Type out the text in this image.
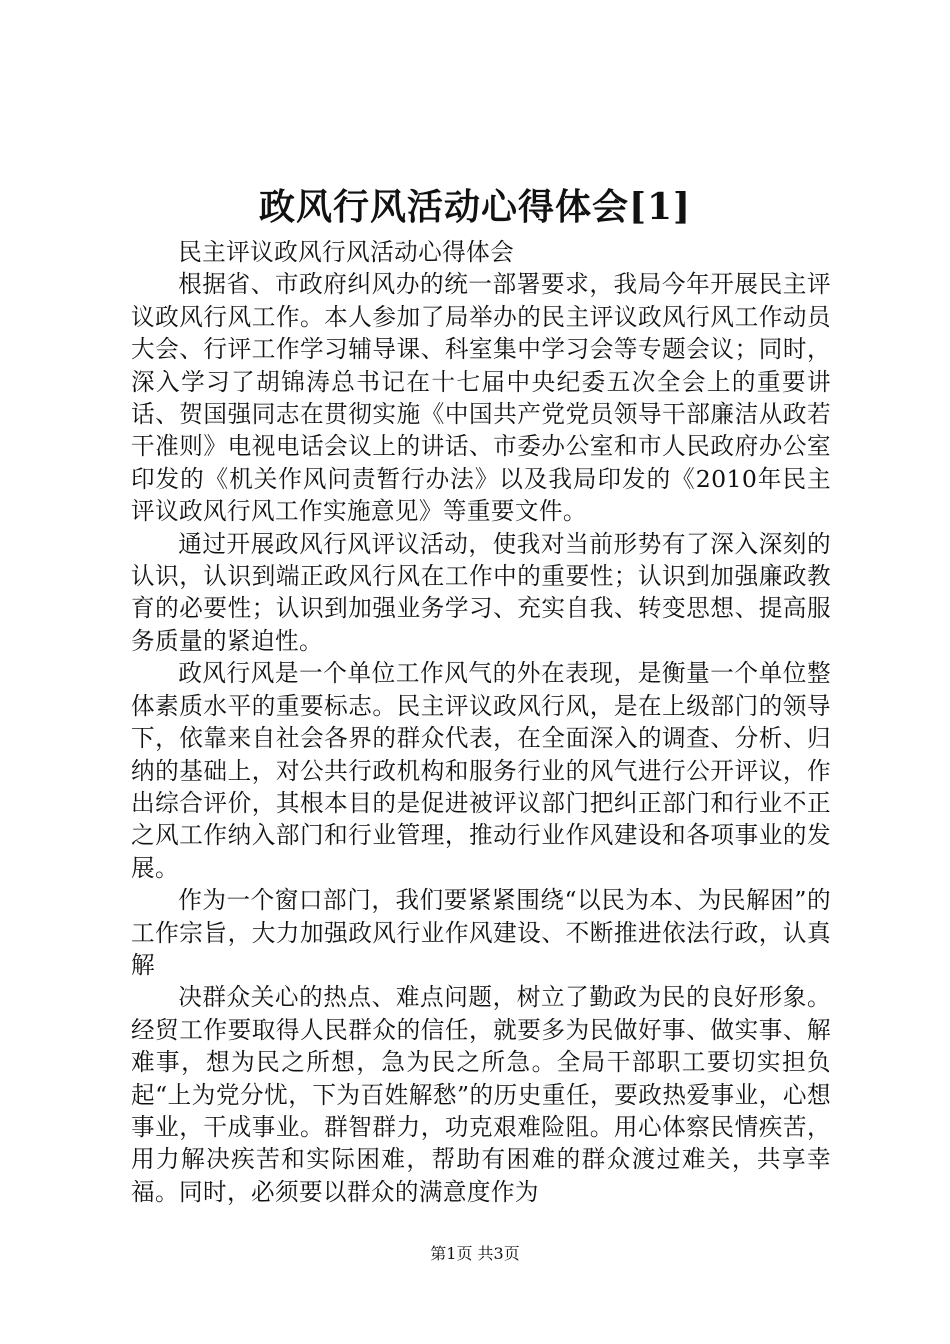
政风行风活动心得体会[1]

民主评议政风行风活动心得体会

根据省、市政府纠风办的统一部署要求，我局今年开展民主评议政风行风工作。本人参加了局举办的民主评议政风行风工作动员大会、行评工作学习辅导课、科室集中学习会等专题会议；同时，深入学习了胡锦涛总书记在十七届中央纪委五次全会上的重要讲话、贺国强同志在贯彻实施《中国共产党党员领导干部廉洁从政若干准则》电视电话会议上的讲话、市委办公室和市人民政府办公室印发的《机关作风问责暂行办法》以及我局印发的《2010年民主评议政风行风工作实施意见》等重要文件。

通过开展政风行风评议活动，使我对当前形势有了深入深刻的认识，认识到端正政风行风在工作中的重要性；认识到加强廉政教育的必要性；认识到加强业务学习、充实自我、转变思想、提高服务质量的紧迫性。

政风行风是一个单位工作风气的外在表现，是衡量一个单位整体素质水平的重要标志。民主评议政风行风，是在上级部门的领导下，依靠来自社会各界的群众代表，在全面深入的调查、分析、归纳的基础上，对公共行政机构和服务行业的风气进行公开评议，作出综合评价，其根本目的是促进被评议部门把纠正部门和行业不正之风工作纳入部门和行业管理，推动行业作风建设和各项事业的发展。

作为一个窗口部门，我们要紧紧围绕“以民为本、为民解困”的工作宗旨，大力加强政风行业作风建设、不断推进依法行政，认真解

决群众关心的热点、难点问题，树立了勤政为民的良好形象。经贸工作要取得人民群众的信任，就要多为民做好事、做实事、解难事，想为民之所想，急为民之所急。全局干部职工要切实担负起“上为党分忧，下为百姓解愁”的历史重任，要政热爱事业，心想事业，干成事业。群智群力，功克艰难险阻。用心体察民情疾苦，用力解决疾苦和实际困难，帮助有困难的群众渡过难关，共享幸福。同时，必须要以群众的满意度作为

第1页 共3页
